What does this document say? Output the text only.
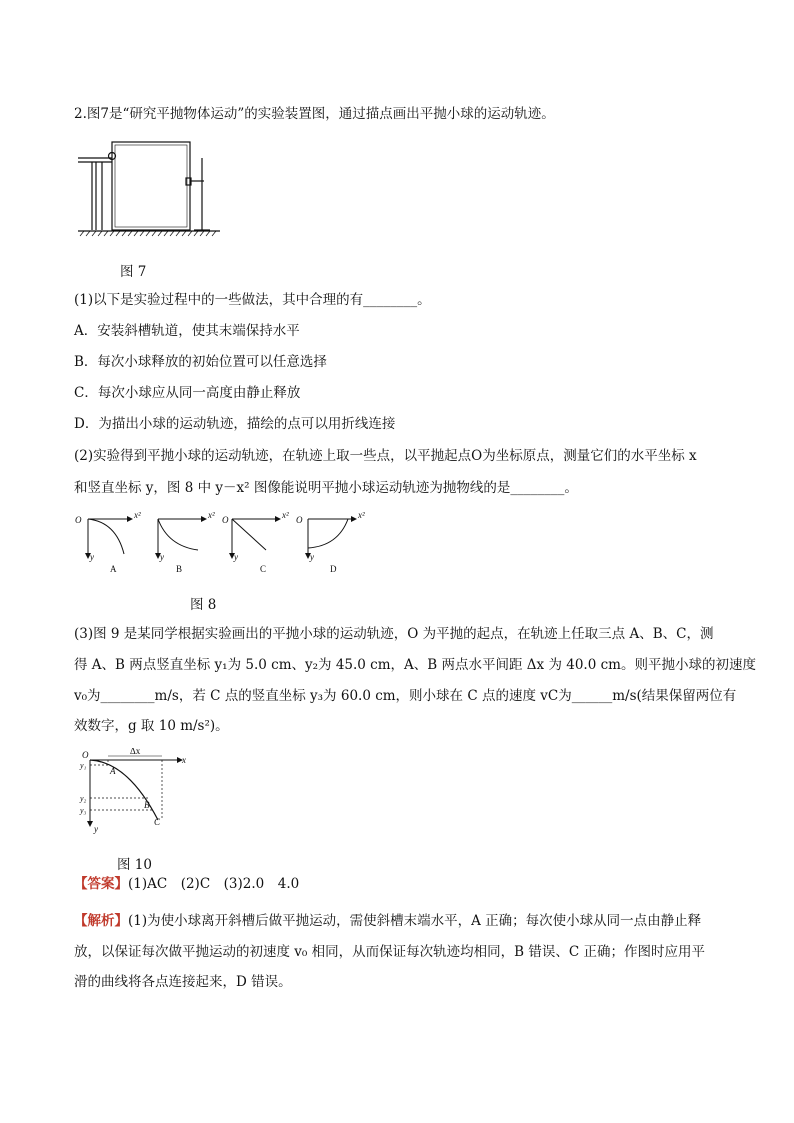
2.图7是“研究平抛物体运动”的实验装置图，通过描点画出平抛小球的运动轨迹。
图 7
(1)以下是实验过程中的一些做法，其中合理的有________。
A．安装斜槽轨道，使其末端保持水平
B．每次小球释放的初始位置可以任意选择
C．每次小球应从同一高度由静止释放
D．为描出小球的运动轨迹，描绘的点可以用折线连接
(2)实验得到平抛小球的运动轨迹，在轨迹上取一些点，以平抛起点O为坐标原点，测量它们的水平坐标 x
和竖直坐标 y，图 8 中 y－x² 图像能说明平抛小球运动轨迹为抛物线的是________。
O	x²
y
A
x²
y
B
O	x²
y
C
O	x²
y
D
图 8
(3)图 9 是某同学根据实验画出的平抛小球的运动轨迹，O 为平抛的起点，在轨迹上任取三点 A、B、C，测
得 A、B 两点竖直坐标 y₁为 5.0 cm、y₂为 45.0 cm，A、B 两点水平间距 Δx 为 40.0 cm。则平抛小球的初速度
v₀为________m/s，若 C 点的竖直坐标 y₃为 60.0 cm，则小球在 C 点的速度 vC为______m/s(结果保留两位有
效数字，g 取 10 m/s²)。
O	Δx
x
y₁
A
y₂
B
y₃
C
y
图 10
【答案】(1)AC　(2)C　(3)2.0　4.0
【解析】(1)为使小球离开斜槽后做平抛运动，需使斜槽末端水平，A 正确；每次使小球从同一点由静止释
放，以保证每次做平抛运动的初速度 v₀ 相同，从而保证每次轨迹均相同，B 错误、C 正确；作图时应用平
滑的曲线将各点连接起来，D 错误。
